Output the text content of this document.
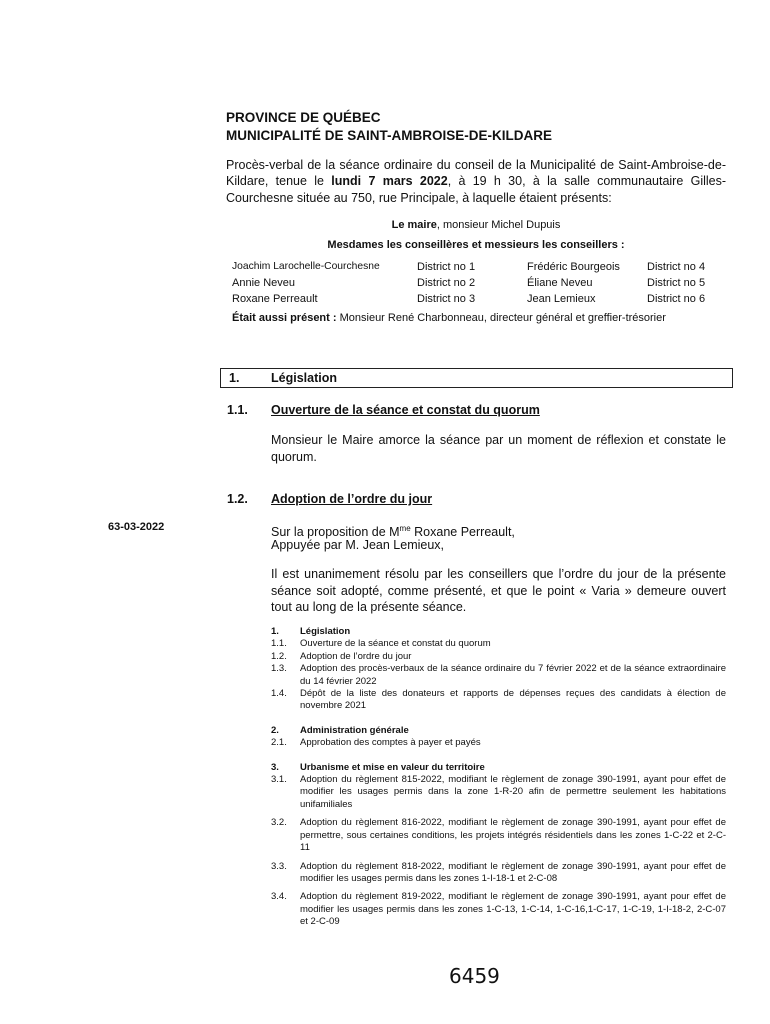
PROVINCE DE QUÉBEC
MUNICIPALITÉ DE SAINT-AMBROISE-DE-KILDARE
Procès-verbal de la séance ordinaire du conseil de la Municipalité de Saint-Ambroise-de-Kildare, tenue le lundi 7 mars 2022, à 19 h 30, à la salle communautaire Gilles-Courchesne située au 750, rue Principale, à laquelle étaient présents:
Le maire, monsieur Michel Dupuis
Mesdames les conseillères et messieurs les conseillers :
Joachim Larochelle-Courchesne	District no 1	Frédéric Bourgeois District no 4
Annie Neveu	District no 2	Éliane Neveu	District no 5
Roxane Perreault	District no 3	Jean Lemieux	District no 6
Était aussi présent : Monsieur René Charbonneau, directeur général et greffier-trésorier
1.	Législation
1.1. Ouverture de la séance et constat du quorum
Monsieur le Maire amorce la séance par un moment de réflexion et constate le quorum.
1.2. Adoption de l’ordre du jour
63-03-2022	Sur la proposition de $M^{me}$ Roxane Perreault,
Appuyée par M. Jean Lemieux,
Il est unanimement résolu par les conseillers que l’ordre du jour de la présente séance soit adopté, comme présenté, et que le point « Varia » demeure ouvert tout au long de la présente séance.
1. Législation
1.1. Ouverture de la séance et constat du quorum
1.2. Adoption de l’ordre du jour
1.3. Adoption des procès-verbaux de la séance ordinaire du 7 février 2022 et de la séance extraordinaire du 14 février 2022
1.4. Dépôt de la liste des donateurs et rapports de dépenses reçues des candidats à élection de novembre 2021
2. Administration générale
2.1. Approbation des comptes à payer et payés
3. Urbanisme et mise en valeur du territoire
3.1. Adoption du règlement 815-2022, modifiant le règlement de zonage 390-1991, ayant pour effet de modifier les usages permis dans la zone 1-R-20 afin de permettre seulement les habitations unifamiliales
3.2. Adoption du règlement 816-2022, modifiant le règlement de zonage 390-1991, ayant pour effet de permettre, sous certaines conditions, les projets intégrés résidentiels dans les zones 1-C-22 et 2-C-11
3.3. Adoption du règlement 818-2022, modifiant le règlement de zonage 390-1991, ayant pour effet de modifier les usages permis dans les zones 1-I-18-1 et 2-C-08
3.4. Adoption du règlement 819-2022, modifiant le règlement de zonage 390-1991, ayant pour effet de modifier les usages permis dans les zones 1-C-13, 1-C-14, 1-C-16,1-C-17, 1-C-19, 1-I-18-2, 2-C-07 et 2-C-09
6459
